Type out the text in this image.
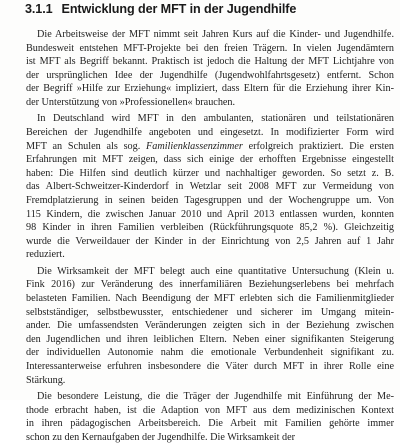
3.1.1 Entwicklung der MFT in der Jugendhilfe
Die Arbeitsweise der MFT nimmt seit Jahren Kurs auf die Kinder- und Jugendhilfe.
Bundesweit entstehen MFT-Projekte bei den freien Trägern. In vielen Jugendämtern
ist MFT als Begriff bekannt. Praktisch ist jedoch die Haltung der MFT Lichtjahre von
der ursprünglichen Idee der Jugendhilfe (Jugendwohlfahrtsgesetz) entfernt. Schon
der Begriff »Hilfe zur Erziehung« impliziert, dass Eltern für die Erziehung ihrer Kin-
der Unterstützung von »Professionellen« brauchen.
In Deutschland wird MFT in den ambulanten, stationären und teilstationären
Bereichen der Jugendhilfe angeboten und eingesetzt. In modifizierter Form wird
MFT an Schulen als sog. Familienklassenzimmer erfolgreich praktiziert. Die ersten
Erfahrungen mit MFT zeigen, dass sich einige der erhofften Ergebnisse eingestellt
haben: Die Hilfen sind deutlich kürzer und nachhaltiger geworden. So setzt z. B.
das Albert-Schweitzer-Kinderdorf in Wetzlar seit 2008 MFT zur Vermeidung von
Fremdplatzierung in seinen beiden Tagesgruppen und der Wochengruppe um. Von
115 Kindern, die zwischen Januar 2010 und April 2013 entlassen wurden, konnten
98 Kinder in ihren Familien verbleiben (Rückführungsquote 85,2 %). Gleichzeitig
wurde die Verweildauer der Kinder in der Einrichtung von 2,5 Jahren auf 1 Jahr
reduziert.
Die Wirksamkeit der MFT belegt auch eine quantitative Untersuchung (Klein u.
Fink 2016) zur Veränderung des innerfamiliären Beziehungserlebens bei mehrfach
belasteten Familien. Nach Beendigung der MFT erlebten sich die Familienmitglieder
selbstständiger, selbstbewusster, entschiedener und sicherer im Umgang mitein-
ander. Die umfassendsten Veränderungen zeigten sich in der Beziehung zwischen
den Jugendlichen und ihren leiblichen Eltern. Neben einer signifikanten Steigerung
der individuellen Autonomie nahm die emotionale Verbundenheit signifikant zu.
Interessanterweise erfuhren insbesondere die Väter durch MFT in ihrer Rolle eine
Stärkung.
Die besondere Leistung, die die Träger der Jugendhilfe mit Einführung der Me-
thode erbracht haben, ist die Adaption von MFT aus dem medizinischen Kontext
in ihren pädagogischen Arbeitsbereich. Die Arbeit mit Familien gehörte immer
schon zu den Kernaufgaben der Jugendhilfe. Die Wirksamkeit der
